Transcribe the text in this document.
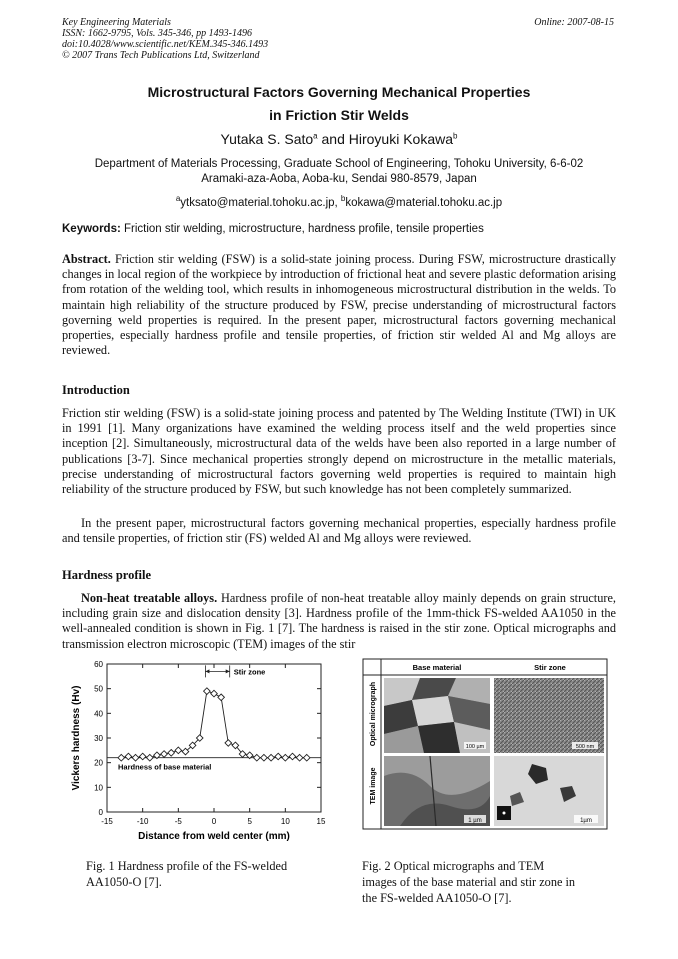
Key Engineering Materials
ISSN: 1662-9795, Vols. 345-346, pp 1493-1496
doi:10.4028/www.scientific.net/KEM.345-346.1493
© 2007 Trans Tech Publications Ltd, Switzerland
Online: 2007-08-15
Microstructural Factors Governing Mechanical Properties
in Friction Stir Welds
Yutaka S. Sato$^a$ and Hiroyuki Kokawa$^b$
Department of Materials Processing, Graduate School of Engineering, Tohoku University, 6-6-02
Aramaki-aza-Aoba, Aoba-ku, Sendai 980-8579, Japan
$^a$ytksato@material.tohoku.ac.jp, $^b$kokawa@material.tohoku.ac.jp
Keywords: Friction stir welding, microstructure, hardness profile, tensile properties
Abstract. Friction stir welding (FSW) is a solid-state joining process. During FSW, microstructure drastically changes in local region of the workpiece by introduction of frictional heat and severe plastic deformation arising from rotation of the welding tool, which results in inhomogeneous microstructural distribution in the welds. To maintain high reliability of the structure produced by FSW, precise understanding of microstructural factors governing weld properties is required. In the present paper, microstructural factors governing mechanical properties, especially hardness profile and tensile properties, of friction stir welded Al and Mg alloys are reviewed.
Introduction
Friction stir welding (FSW) is a solid-state joining process and patented by The Welding Institute (TWI) in UK in 1991 [1]. Many organizations have examined the welding process itself and the weld properties since inception [2]. Simultaneously, microstructural data of the welds have been also reported in a large number of publications [3-7]. Since mechanical properties strongly depend on microstructure in the metallic materials, precise understanding of microstructural factors governing weld properties is required to maintain high reliability of the structure produced by FSW, but such knowledge has not been completely summarized.
In the present paper, microstructural factors governing mechanical properties, especially hardness profile and tensile properties, of friction stir (FS) welded Al and Mg alloys were reviewed.
Hardness profile
Non-heat treatable alloys. Hardness profile of non-heat treatable alloy mainly depends on grain structure, including grain size and dislocation density [3]. Hardness profile of the 1mm-thick FS-welded AA1050 in the well-annealed condition is shown in Fig. 1 [7]. The hardness is raised in the stir zone. Optical micrographs and transmission electron microscopic (TEM) images of the stir
-15	-10	-5	0	5	10	15
0
10
20
30
40
50
60
Distance from weld center (mm)
Vickers hardness (Hv)	Hardness of base material
Stir zone	Base material	Stir zone
Optical micrograph
TEM image
100 µm	500 nm
1 µm	1µm
Fig. 1 Hardness profile of the FS-welded AA1050-O [7].
Fig. 2 Optical micrographs and TEM
images of the base material and stir zone in
the FS-welded AA1050-O [7].
